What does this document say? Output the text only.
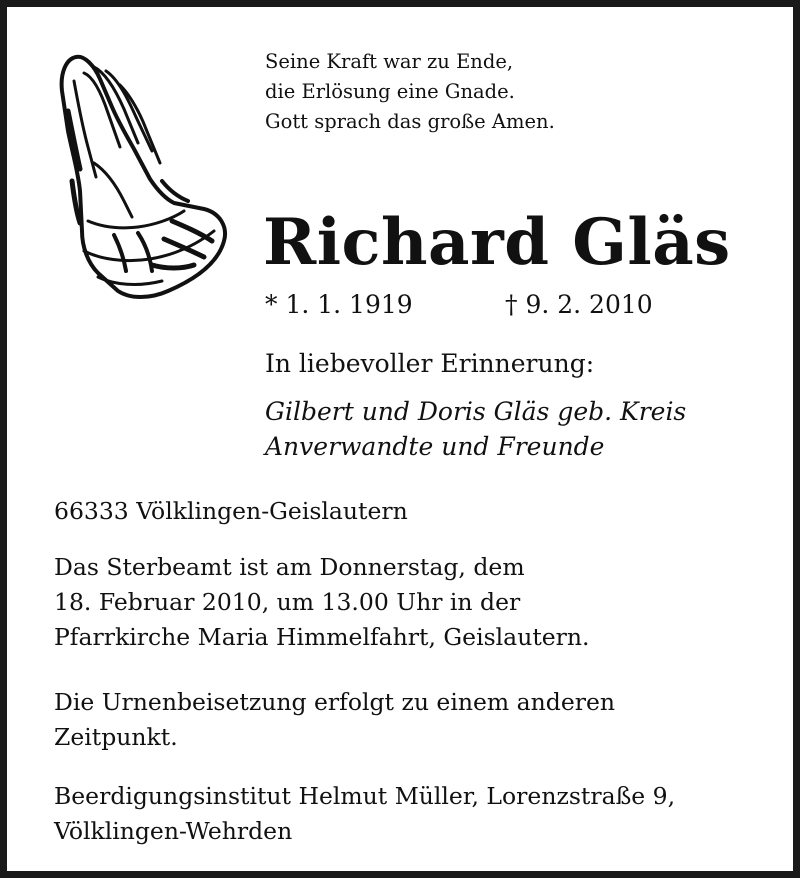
Seine Kraft war zu Ende,
die Erlösung eine Gnade.
Gott sprach das große Amen.
Richard Gläs
* 1. 1. 1919	† 9. 2. 2010
In liebevoller Erinnerung:
Gilbert und Doris Gläs geb. Kreis
Anverwandte und Freunde
66333 Völklingen-Geislautern
Das Sterbeamt ist am Donnerstag, dem
18. Februar 2010, um 13.00 Uhr in der
Pfarrkirche Maria Himmelfahrt, Geislautern.
Die Urnenbeisetzung erfolgt zu einem anderen
Zeitpunkt.
Beerdigungsinstitut Helmut Müller, Lorenzstraße 9,
Völklingen-Wehrden
